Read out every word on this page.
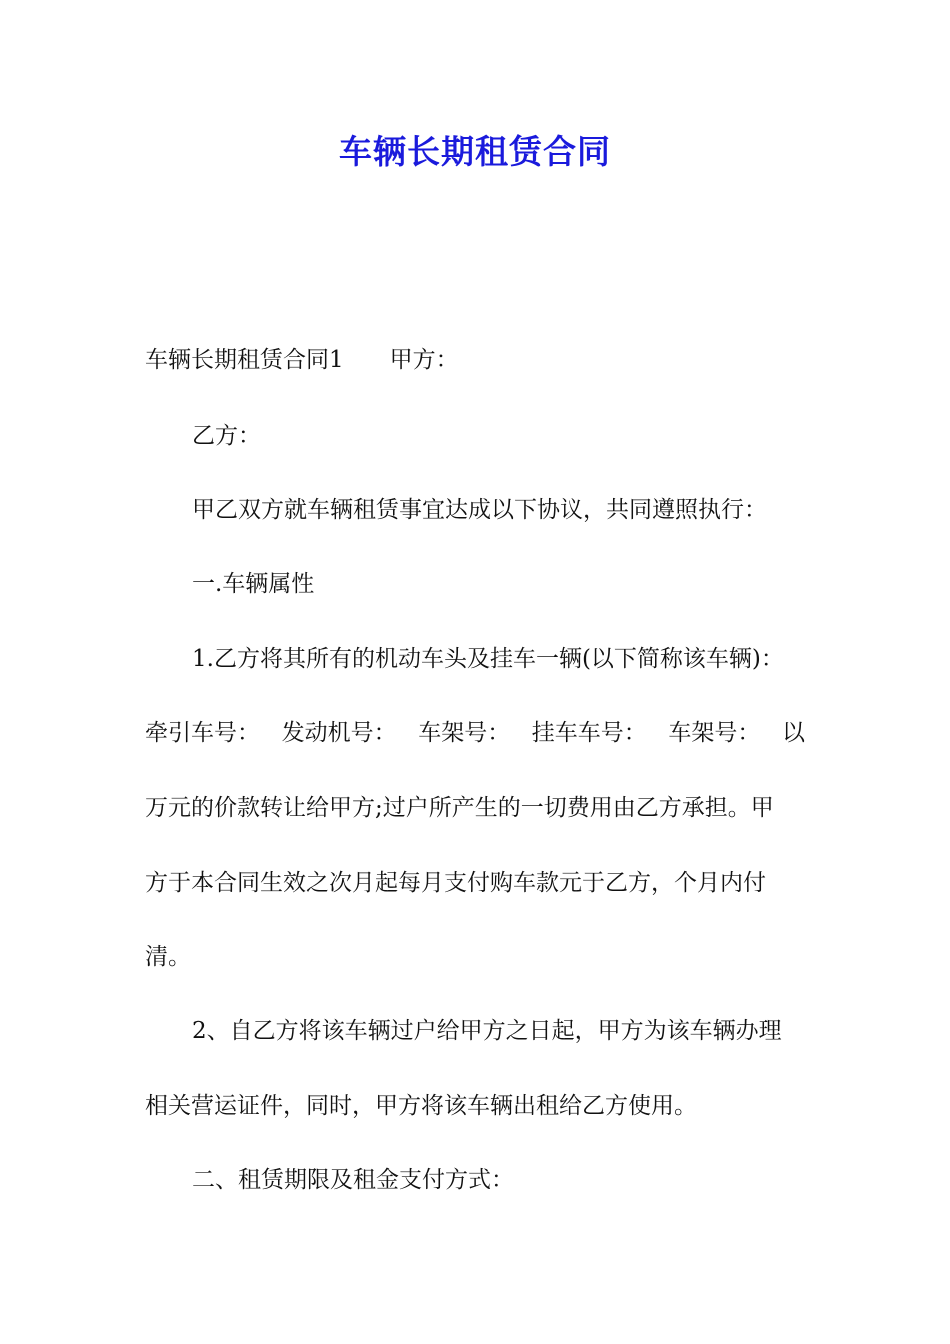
车辆长期租赁合同
车辆长期租赁合同1　　甲方：
乙方：
甲乙双方就车辆租赁事宜达成以下协议，共同遵照执行：
一.车辆属性
1.乙方将其所有的机动车头及挂车一辆(以下简称该车辆)：
牵引车号： 发动机号： 车架号： 挂车车号： 车架号： 以
万元的价款转让给甲方;过户所产生的一切费用由乙方承担。甲
方于本合同生效之次月起每月支付购车款元于乙方，个月内付
清。
2、自乙方将该车辆过户给甲方之日起，甲方为该车辆办理
相关营运证件，同时，甲方将该车辆出租给乙方使用。
二、租赁期限及租金支付方式：
